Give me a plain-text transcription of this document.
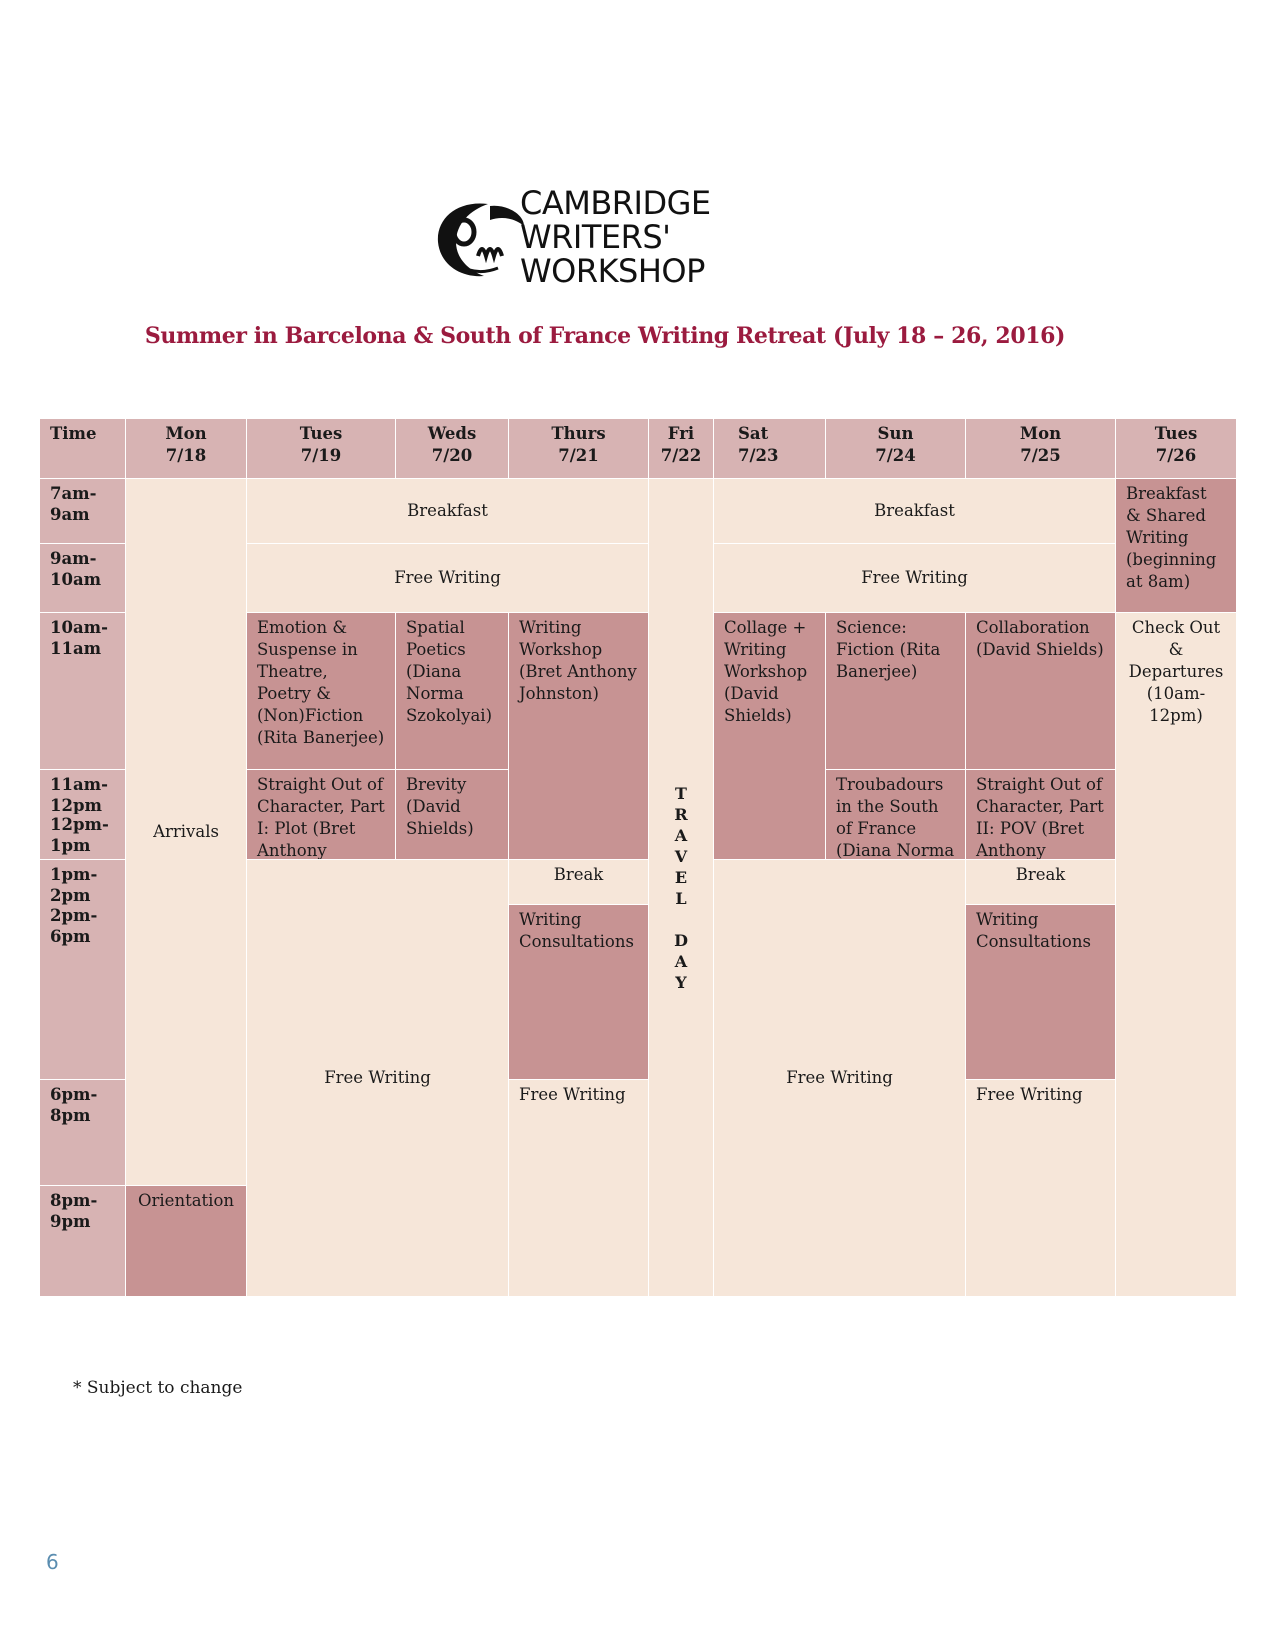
CAMBRIDGE
WRITERS'
WORKSHOP
Summer in Barcelona & South of France Writing Retreat (July 18 – 26, 2016)
Time	Mon
7/18
Tues
7/19
Weds
7/20
Thurs
7/21
Fri
7/22
Sat
7/23
Sun
7/24
Mon
7/25
Tues
7/26
7am-
9am
9am-
10am
10am-
11am
11am-
12pm
12pm-
1pm
1pm-
2pm
2pm-
6pm
6pm-
8pm
8pm-
9pm
Arrivals
Orientation
Breakfast
Free Writing
Emotion & Suspense in Theatre, Poetry & (Non)Fiction (Rita Banerjee)
Spatial Poetics (Diana Norma Szokolyai)
Writing Workshop (Bret Anthony Johnston)
Straight Out of Character, Part I: Plot (Bret Anthony
Brevity (David Shields)
Free Writing
Break
Writing Consultations
Free Writing
T
R
A
V
E
L

D
A
Y
Breakfast
Free Writing
Collage + Writing Workshop (David Shields)
Science: Fiction (Rita Banerjee)
Collaboration (David Shields)
Troubadours in the South of France (Diana Norma
Straight Out of Character, Part II: POV (Bret Anthony
Free Writing
Break
Writing Consultations
Free Writing
Breakfast & Shared Writing (beginning at 8am)
Check Out & Departures (10am-12pm)
* Subject to change
6
